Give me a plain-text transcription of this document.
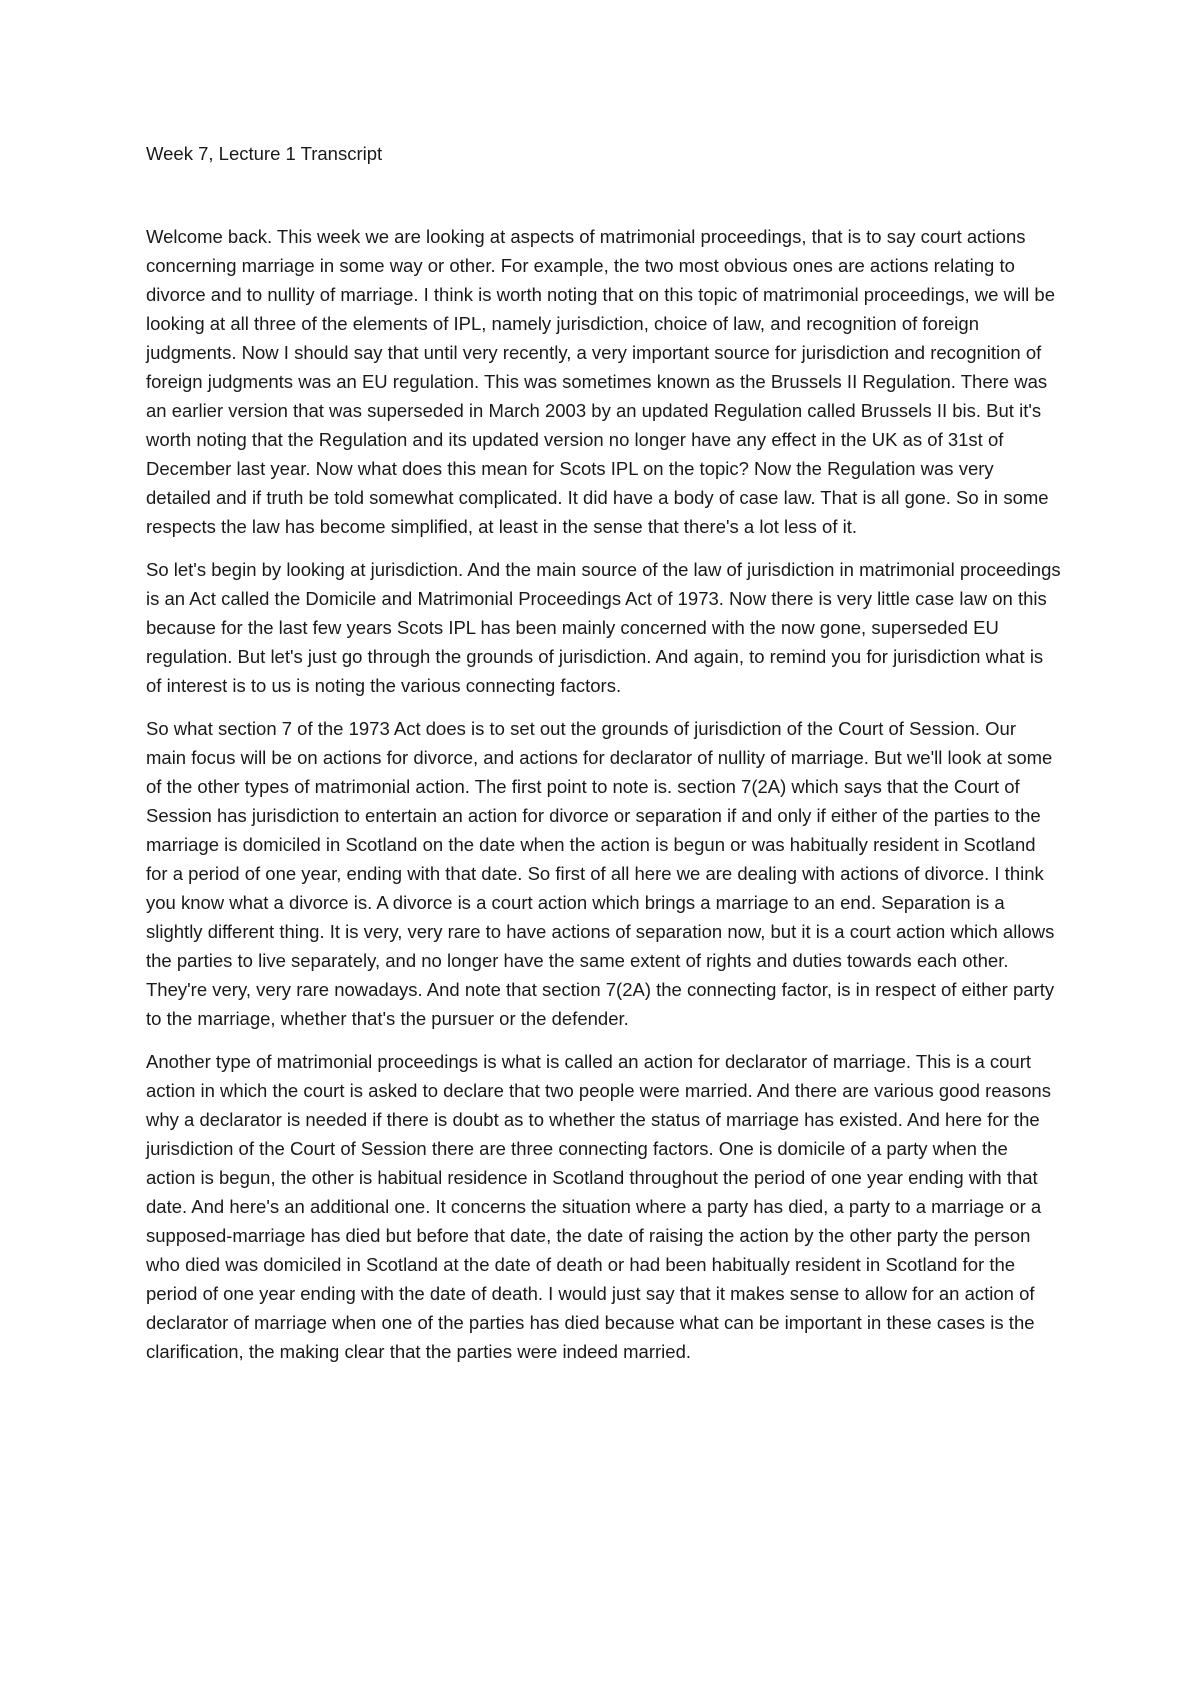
Week 7, Lecture 1 Transcript

Welcome back. This week we are looking at aspects of matrimonial proceedings, that is to say court actions concerning marriage in some way or other. For example, the two most obvious ones are actions relating to divorce and to nullity of marriage. I think is worth noting that on this topic of matrimonial proceedings, we will be looking at all three of the elements of IPL, namely jurisdiction, choice of law, and recognition of foreign judgments. Now I should say that until very recently, a very important source for jurisdiction and recognition of foreign judgments was an EU regulation. This was sometimes known as the Brussels II Regulation. There was an earlier version that was superseded in March 2003 by an updated Regulation called Brussels II bis. But it's worth noting that the Regulation and its updated version no longer have any effect in the UK as of 31st of December last year. Now what does this mean for Scots IPL on the topic? Now the Regulation was very detailed and if truth be told somewhat complicated. It did have a body of case law. That is all gone. So in some respects the law has become simplified, at least in the sense that there's a lot less of it.

So let's begin by looking at jurisdiction. And the main source of the law of jurisdiction in matrimonial proceedings is an Act called the Domicile and Matrimonial Proceedings Act of 1973. Now there is very little case law on this because for the last few years Scots IPL has been mainly concerned with the now gone, superseded EU regulation. But let's just go through the grounds of jurisdiction. And again, to remind you for jurisdiction what is of interest is to us is noting the various connecting factors.

So what section 7 of the 1973 Act does is to set out the grounds of jurisdiction of the Court of Session. Our main focus will be on actions for divorce, and actions for declarator of nullity of marriage. But we'll look at some of the other types of matrimonial action. The first point to note is. section 7(2A) which says that the Court of Session has jurisdiction to entertain an action for divorce or separation if and only if either of the parties to the marriage is domiciled in Scotland on the date when the action is begun or was habitually resident in Scotland for a period of one year, ending with that date. So first of all here we are dealing with actions of divorce. I think you know what a divorce is. A divorce is a court action which brings a marriage to an end. Separation is a slightly different thing. It is very, very rare to have actions of separation now, but it is a court action which allows the parties to live separately, and no longer have the same extent of rights and duties towards each other. They're very, very rare nowadays. And note that section 7(2A) the connecting factor, is in respect of either party to the marriage, whether that's the pursuer or the defender.

Another type of matrimonial proceedings is what is called an action for declarator of marriage. This is a court action in which the court is asked to declare that two people were married. And there are various good reasons why a declarator is needed if there is doubt as to whether the status of marriage has existed. And here for the jurisdiction of the Court of Session there are three connecting factors. One is domicile of a party when the action is begun, the other is habitual residence in Scotland throughout the period of one year ending with that date. And here's an additional one. It concerns the situation where a party has died, a party to a marriage or a supposed-marriage has died but before that date, the date of raising the action by the other party the person who died was domiciled in Scotland at the date of death or had been habitually resident in Scotland for the period of one year ending with the date of death. I would just say that it makes sense to allow for an action of declarator of marriage when one of the parties has died because what can be important in these cases is the clarification, the making clear that the parties were indeed married.
